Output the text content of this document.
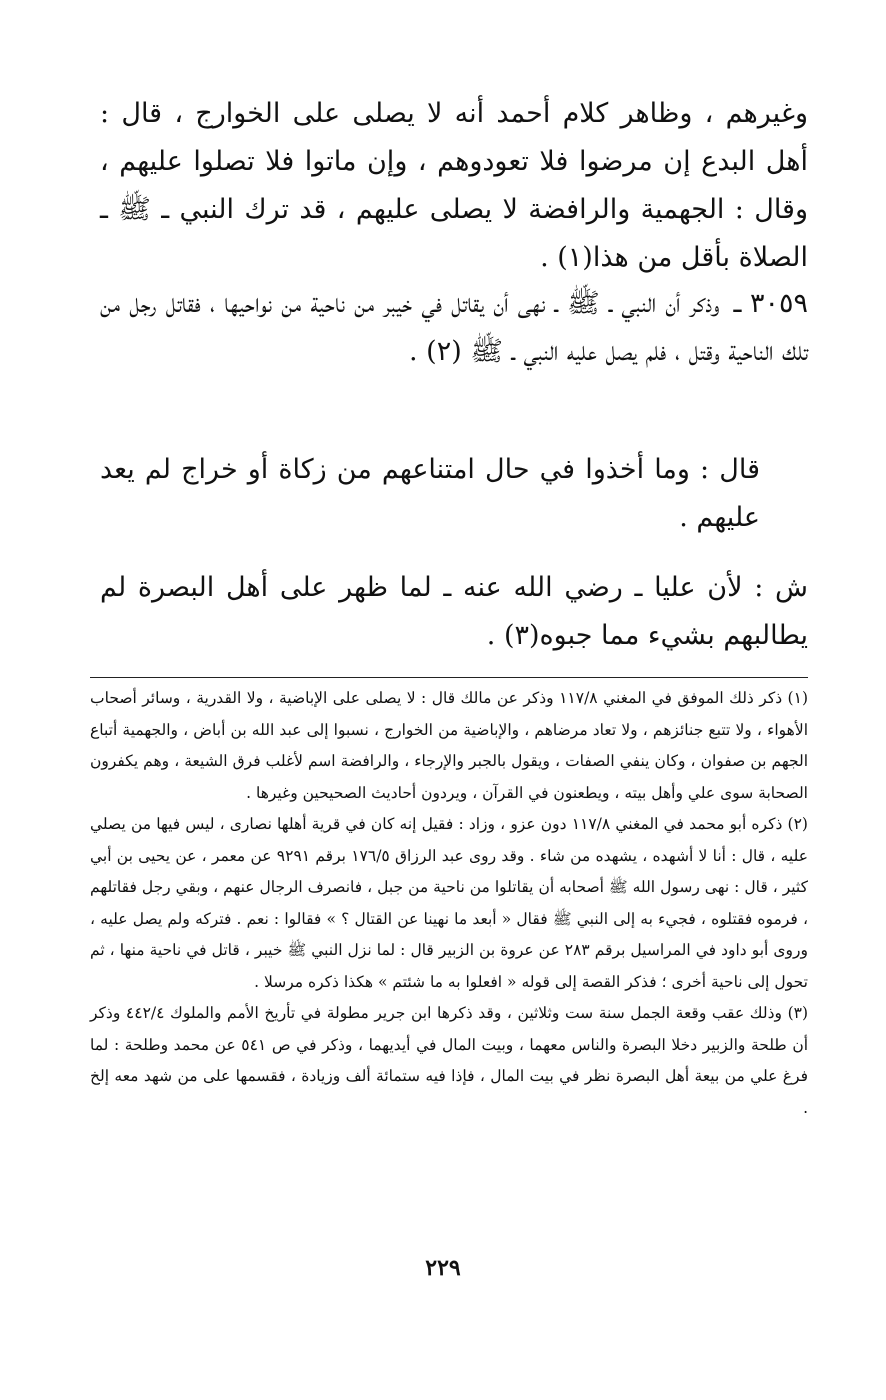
وغيرهم ، وظاهر كلام أحمد أنه لا يصلى على الخوارج ، قال : أهل البدع إن مرضوا فلا تعودوهم ، وإن ماتوا فلا تصلوا عليهم ، وقال : الجهمية والرافضة لا يصلى عليهم ، قد ترك النبي ـ ﷺ ـ الصلاة بأقل من هذا(١) .

٣٠٥٩ ـوذكر أن النبي ـ ﷺ ـ نهى أن يقاتل في خيبر من ناحية من نواحيها ، فقاتل رجل من تلك الناحية وقتل ، فلم يصل عليه النبي ـ ﷺ (٢) .

قال : وما أخذوا في حال امتناعهم من زكاة أو خراج لم يعد عليهم .

ش : لأن عليا ـ رضي الله عنه ـ لما ظهر على أهل البصرة لم يطالبهم بشيء مما جبوه(٣) .

(١) ذكر ذلك الموفق في المغني ١١٧/٨ وذكر عن مالك قال : لا يصلى على الإباضية ، ولا القدرية ، وسائر أصحاب الأهواء ، ولا تتبع جنائزهم ، ولا تعاد مرضاهم ، والإباضية من الخوارج ، نسبوا إلى عبد الله بن أباض ، والجهمية أتباع الجهم بن صفوان ، وكان ينفي الصفات ، ويقول بالجبر والإرجاء ، والرافضة اسم لأغلب فرق الشيعة ، وهم يكفرون الصحابة سوى علي وأهل بيته ، ويطعنون في القرآن ، ويردون أحاديث الصحيحين وغيرها .

(٢) ذكره أبو محمد في المغني ١١٧/٨ دون عزو ، وزاد : فقيل إنه كان في قرية أهلها نصارى ، ليس فيها من يصلي عليه ، قال : أنا لا أشهده ، يشهده من شاء . وقد روى عبد الرزاق ١٧٦/٥ برقم ٩٢٩١ عن معمر ، عن يحيى بن أبي كثير ، قال : نهى رسول الله ﷺ أصحابه أن يقاتلوا من ناحية من جبل ، فانصرف الرجال عنهم ، وبقي رجل فقاتلهم ، فرموه فقتلوه ، فجيء به إلى النبي ﷺ فقال « أبعد ما نهينا عن القتال ؟ » فقالوا : نعم . فتركه ولم يصل عليه ، وروى أبو داود في المراسيل برقم ٢٨٣ عن عروة بن الزبير قال : لما نزل النبي ﷺ خيبر ، قاتل في ناحية منها ، ثم تحول إلى ناحية أخرى ؛ فذكر القصة إلى قوله « افعلوا به ما شئتم » هكذا ذكره مرسلا .

(٣) وذلك عقب وقعة الجمل سنة ست وثلاثين ، وقد ذكرها ابن جرير مطولة في تأريخ الأمم والملوك ٤٤٢/٤ وذكر أن طلحة والزبير دخلا البصرة والناس معهما ، وبيت المال في أيديهما ، وذكر في ص ٥٤١ عن محمد وطلحة : لما فرغ علي من بيعة أهل البصرة نظر في بيت المال ، فإذا فيه ستمائة ألف وزيادة ، فقسمها على من شهد معه إلخ .

٢٢٩
